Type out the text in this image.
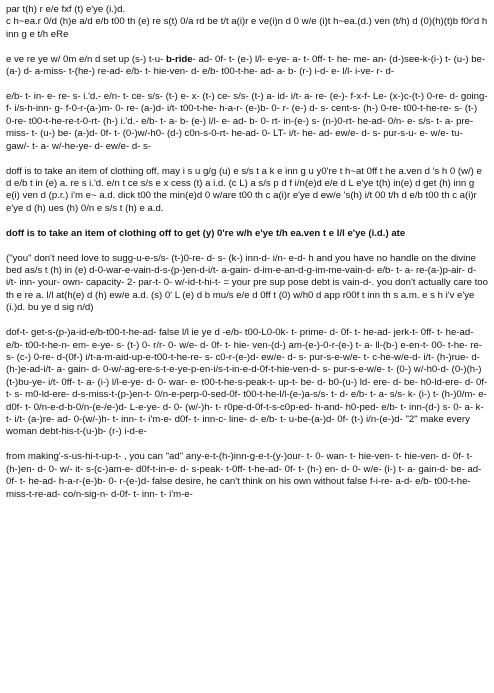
par t(h) r e/e fxf (t) e'ye (i.)d.
c h~ea.r 0/d (h)e a/d e/b t00 th (e) re s(t) 0/a rd be t/t a(i)r e ve(i)n d 0 w/e (i)t h~ea.(d.) ven (t/h) d (0)(h)(t)b f0r'd h inn g e t/h eRe

e ve re ye w/ 0m e/n d set up (s-) t-u- b-ride- ad- 0f- t- (e-) l/l- e-ye- a- t- 0ff- t- he- me- an- (d-)see-k-(i-) t- (u-) be- (a-) d- a-miss- t-(he-) re-ad- e/b- t- hie-ven- d- e/b- t00-t-he- ad- a- b- (r-) i-d- e- l/l- i-ve- r- d-

e/b- t- in- e- re- s- i.'d.- e/n- t- ce- s/s- (t-) e- x- (t-) ce- s/s- (t-) a- id- i/t- a- re- (e-)- f-x-f- Le- (x-)c-(t-) 0-re- d- going- f- i/s-h-inn- g- f-0-r-(a-)m- 0- re- (a-)d- i/t- t00-t-he- h-a-r- (e-)b- 0- r- (e-) d- s- cent-s- (h-) 0-re- t00-t-he-re- s- (t-) 0-re- t00-t-he-re-t-0-rt- (h-) i.'d.- e/b- t- a- b- (e-) l/l- e- ad- b- 0- rt- in-(e-) s- (n-)0-rt- he-ad- 0/n- e- s/s- t- a- pre- miss- t- (u-) be- (a-)d- 0f- t- (0-)w/-h0- (d-) c0n-s-0-rt- he-ad- 0- LT- i/t- he- ad- ew/e- d- s- pur-s-u- e- w/e- tu- gaw/- t- a- w/-he-ye- d- ew/e- d- s-

doff is to take an item of clothing off, may i s u g/g (u) e s/s t a k e inn g u y0're t h~at 0ff t he a.ven d 's h 0 (w/) e d e/b t in (e) a. re s i.'d. e/n t ce s/s e x cess (t) a i.d. (c L) a s/s p d f i/n(e)d e/e d L e'ye t(h) in(e) d get (h) inn g e(i) ven d (p.r.) i'm e~ a.d. dick t00 the min(e)d 0 w/are t00 th c a(i)r e'ye d ew/e 's(h) i/t 00 t/h d e/b t00 th c a(i)r e'ye d (h) ues (h) 0/n e s/s t (h) e a.d.

doff is to take an item of clothing off to get (y) 0're w/h e'ye t/h ea.ven t e l/l e'ye (i.d.) ate

("you" don't need love to sugg-u-e-s/s- (t-)0-re- d- s- (k-) inn-d- i/n- e-d- h and you have no handle on the divine bed as/s t (h) in (e) d-0-war-e-vain-d-s-(p-)en-d-i/t- a-gain- d-im-e-an-d-g-im-me-vain-d- e/b- t- a- re-(a-)p-air- d- i/t- inn- your- own- capacity- 2- par-t- 0- w/-id-t-hi-t- = your pre sup pose debt is vain-d-. you don't actually care too th e re a. l/l at(h(e) d (h) ew/e a.d. (s) 0' L (e) d b mu/s e/e d 0ff t (0) w/h0 d app r00f t inn th s a.m. e s h i'v e'ye (i.)d. bu ye d sig n/d)

dof-t- get-s-(p-)a-id-e/b-t00-t-he-ad- false l/l ie ye d -e/b- t00-L0-0k- t- prime- d- 0f- t- he-ad- jerk-t- 0ff- t- he-ad- e/b- t00-t-he-n- em- e-ye- s- (t-) 0- r/r- 0- w/e- d- 0f- t- hie- ven-(d-) am-(e-)-0-r-(e-) t- a- ll-(b-) e-en-t- 00- t-he- re- s- (c-) 0-re- d-(0f-) i/t-a-m-aid-up-e-t00-t-he-re- s- c0-r-(e-)d- ew/e- d- s- pur-s-e-w/e- t- c-he-w/e-d- i/t- (h-)rue- d- (h-)e-ad-i/t- a- gain- d- 0-w/-ag-ere-s-t-e-ye-p-en-i/s-t-in-e-d-0f-t-hie-ven-d- s- pur-s-e-w/e- t- (0-) w/-h0-d- (0-)(h-)(t-)bu-ye- i/t- 0ff- t- a- (i-) l/l-e-ye- d- 0- war- e- t00-t-he-s-peak-t- up-t- be- d- b0-(u-) ld- ere- d- be- h0-ld-ere- d- 0f- t- s- m0-ld-ere- d-s-miss-t-(p-)en-t- 0/n-e-perp-0-sed-0f- t00-t-he-l/l-(e-)a-s/s- t- d- e/b- t- a- s/s- k- (i-) t- (h-)0/m- e- d0f- t- 0/n-e-d-b-0/n-(e-/e-)d- L-e-ye- d- 0- (w/-)h- t- r0pe-d-0f-t-s-c0p-ed- h-and- h0-ped- e/b- t- inn-(d-) s- 0- a- k- t- i/t- (a-)re- ad- 0-(w/-)h- t- inn- t- i'm-e- d0f- t- inn-c- line- d- e/b- t- u-be-(a-)d- 0f- (t-) i/n-(e-)d- "2" make every woman debt-his-t-(u-)b- (r-) i-d-e-

from making'-s-us-hi-t-up-t- , you can "ad" any-e-t-(h-)inn-g-e-t-(y-)our- t- 0- wan- t- hie-ven- t- hie-ven- d- 0f- t-(h-)en- d- 0- w/- it- s-(c-)am-e- d0f-t-in-e- d- s-peak- t-0ff- t-he-ad- 0f- t- (h-) en- d- 0- w/e- (i-) t- a- gain-d- be- ad- 0f- t- he-ad- h-a-r-(e-)b- 0- r-(e-)d- false desire, he can't think on his own without false f-i-re- a-d- e/b- t00-t-he- miss-t-re-ad- co/n-sig-n- d-0f- t- inn- t- i'm-e-
